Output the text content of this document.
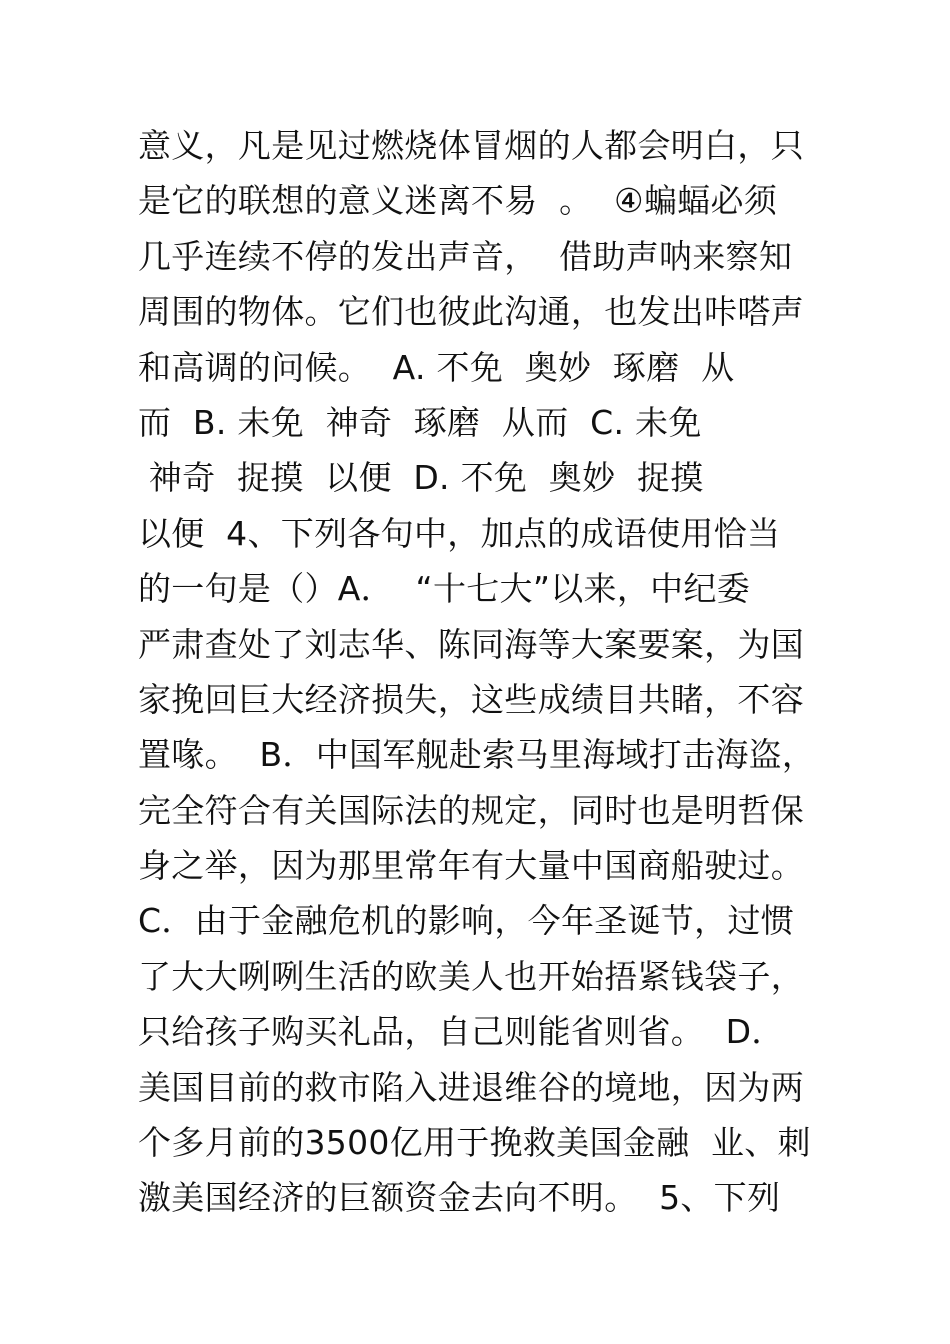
意义，凡是见过燃烧体冒烟的人都会明白，只
是它的联想的意义迷离不易  。  ④蝙蝠必须
几乎连续不停的发出声音，  借助声呐来察知
周围的物体。它们也彼此沟通，也发出咔嗒声
和高调的问候。  A. 不免  奥妙  琢磨  从
而  B. 未免  神奇  琢磨  从而  C. 未免
神奇  捉摸  以便  D. 不免  奥妙  捉摸
以便  4、下列各句中，加点的成语使用恰当
的一句是（）A．  “十七大”以来，中纪委
严肃查处了刘志华、陈同海等大案要案，为国
家挽回巨大经济损失，这些成绩目共睹，不容
置喙。  B．中国军舰赴索马里海域打击海盗，
完全符合有关国际法的规定，同时也是明哲保
身之举，因为那里常年有大量中国商船驶过。
C．由于金融危机的影响，今年圣诞节，过惯
了大大咧咧生活的欧美人也开始捂紧钱袋子，
只给孩子购买礼品，自己则能省则省。  D．
美国目前的救市陷入进退维谷的境地，因为两
个多月前的3500亿用于挽救美国金融  业、刺
激美国经济的巨额资金去向不明。  5、下列
